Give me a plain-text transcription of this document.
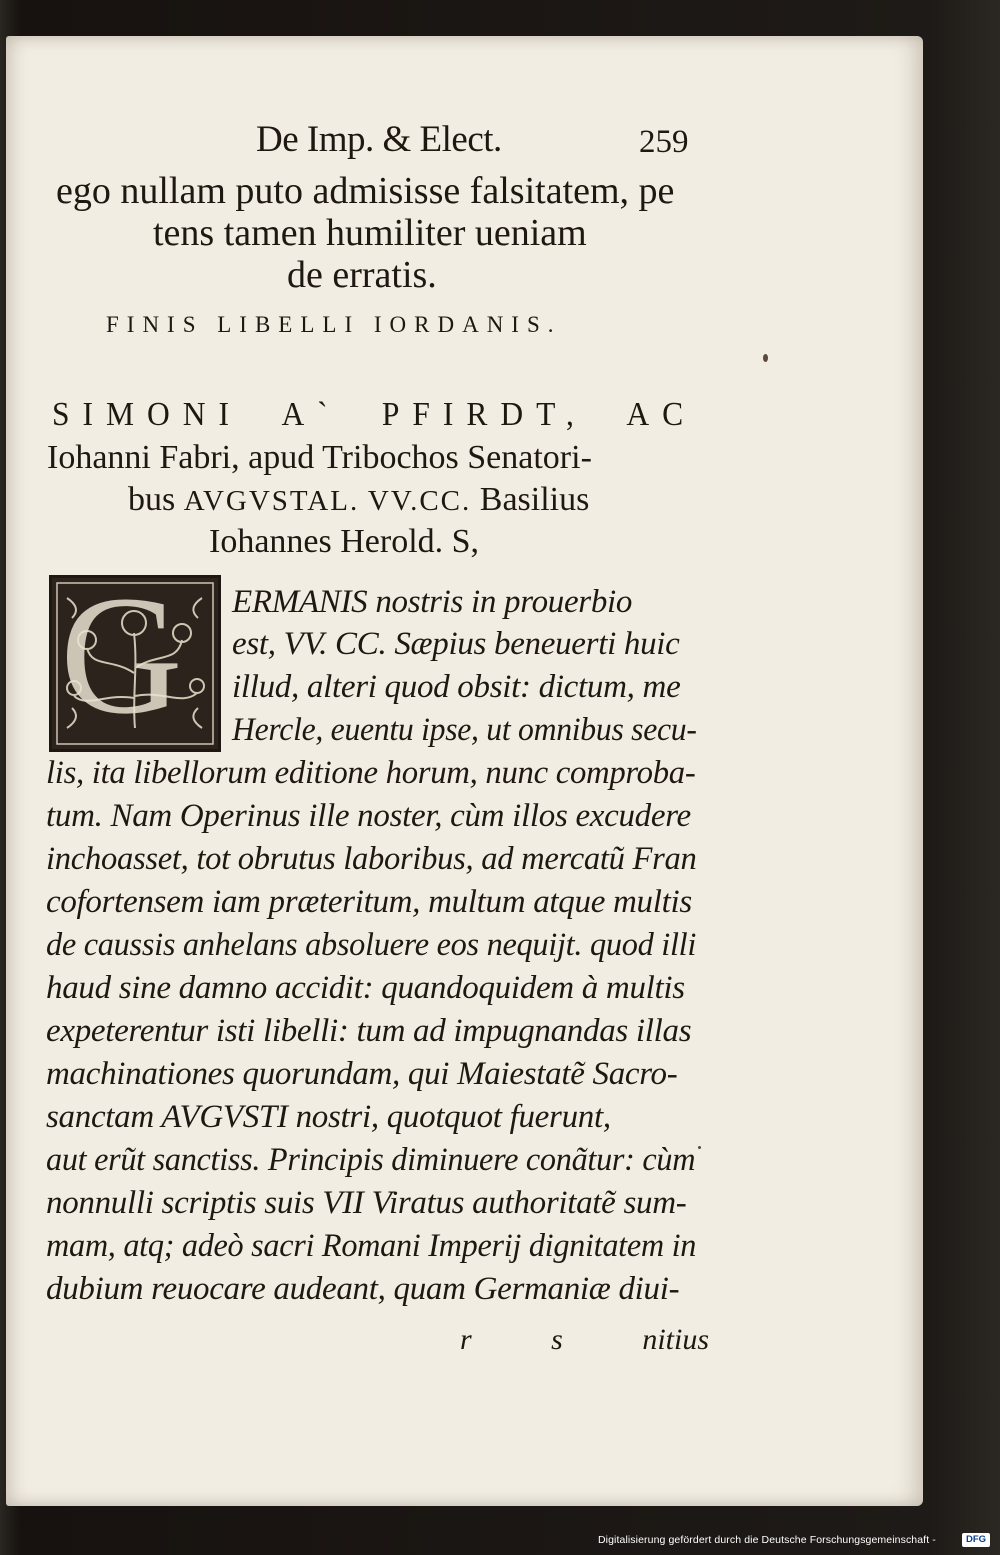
De Imp. & Elect.	259
ego nullam puto admisisse falsitatem, pe
tens tamen humiliter ueniam
de erratis.
FINIS LIBELLI IORDANIS.
SIMONI A` PFIRDT, AC
Iohanni Fabri, apud Tribochos Senatori-
bus AVGVSTAL. VV.CC. Basilius
Iohannes Herold. S,
G ERMANIS nostris in prouerbio
est, VV. CC. Sæpius beneuerti huic
illud, alteri quod obsit: dictum, me
Hercle, euentu ipse, ut omnibus secu-
lis, ita libellorum editione horum, nunc comproba-
tum. Nam Operinus ille noster, cùm illos excudere
inchoasset, tot obrutus laboribus, ad mercatũ Fran
cofortensem iam præteritum, multum atque multis
de caussis anhelans absoluere eos nequijt. quod illi
haud sine damno accidit: quandoquidem à multis
expeterentur isti libelli: tum ad impugnandas illas
machinationes quorundam, qui Maiestatẽ Sacro-
sanctam AVGVSTI nostri, quotquot fuerunt,
aut erũt sanctiss. Principis diminuere conãtur: cùm
nonnulli scriptis suis VII Viratus authoritatẽ sum-
mam, atq; adeò sacri Romani Imperij dignitatem in
dubium reuocare audeant, quam Germaniæ diui-
r s nitius
Digitalisierung gefördert durch die Deutsche Forschungsgemeinschaft -	DFG
